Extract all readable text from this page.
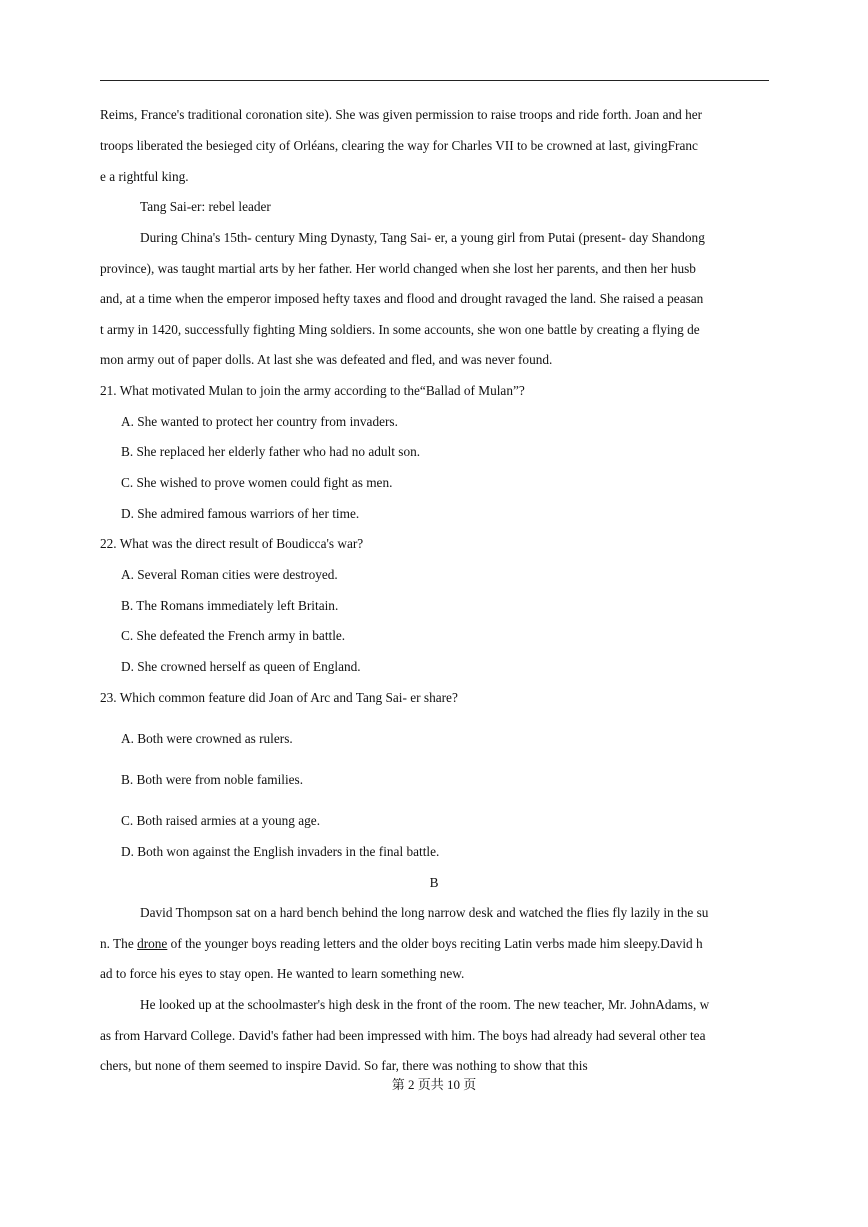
Reims, France's traditional coronation site). She was given permission to raise troops and ride forth. Joan and her
troops liberated the besieged city of Orléans, clearing the way for Charles VII to be crowned at last, givingFranc
e a rightful king.
Tang Sai-er: rebel leader
During China's 15th- century Ming Dynasty, Tang Sai- er, a young girl from Putai (present- day Shandong
province), was taught martial arts by her father. Her world changed when she lost her parents, and then her husb
and, at a time when the emperor imposed hefty taxes and flood and drought ravaged the land. She raised a peasan
t army in 1420, successfully fighting Ming soldiers. In some accounts, she won one battle by creating a flying de
mon army out of paper dolls. At last she was defeated and fled, and was never found.
21. What motivated Mulan to join the army according to the“Ballad of Mulan”?
A. She wanted to protect her country from invaders.
B. She replaced her elderly father who had no adult son.
C. She wished to prove women could fight as men.
D. She admired famous warriors of her time.
22. What was the direct result of Boudicca's war?
A. Several Roman cities were destroyed.
B. The Romans immediately left Britain.
C. She defeated the French army in battle.
D. She crowned herself as queen of England.
23. Which common feature did Joan of Arc and Tang Sai- er share?
A. Both were crowned as rulers.
B. Both were from noble families.
C. Both raised armies at a young age.
D. Both won against the English invaders in the final battle.
B
David Thompson sat on a hard bench behind the long narrow desk and watched the flies fly lazily in the su
n. The drone of the younger boys reading letters and the older boys reciting Latin verbs made him sleepy.David h
ad to force his eyes to stay open. He wanted to learn something new.
He looked up at the schoolmaster's high desk in the front of the room. The new teacher, Mr. JohnAdams, w
as from Harvard College. David's father had been impressed with him. The boys had already had several other tea
chers, but none of them seemed to inspire David. So far, there was nothing to show that this
第 2 页共 10 页
